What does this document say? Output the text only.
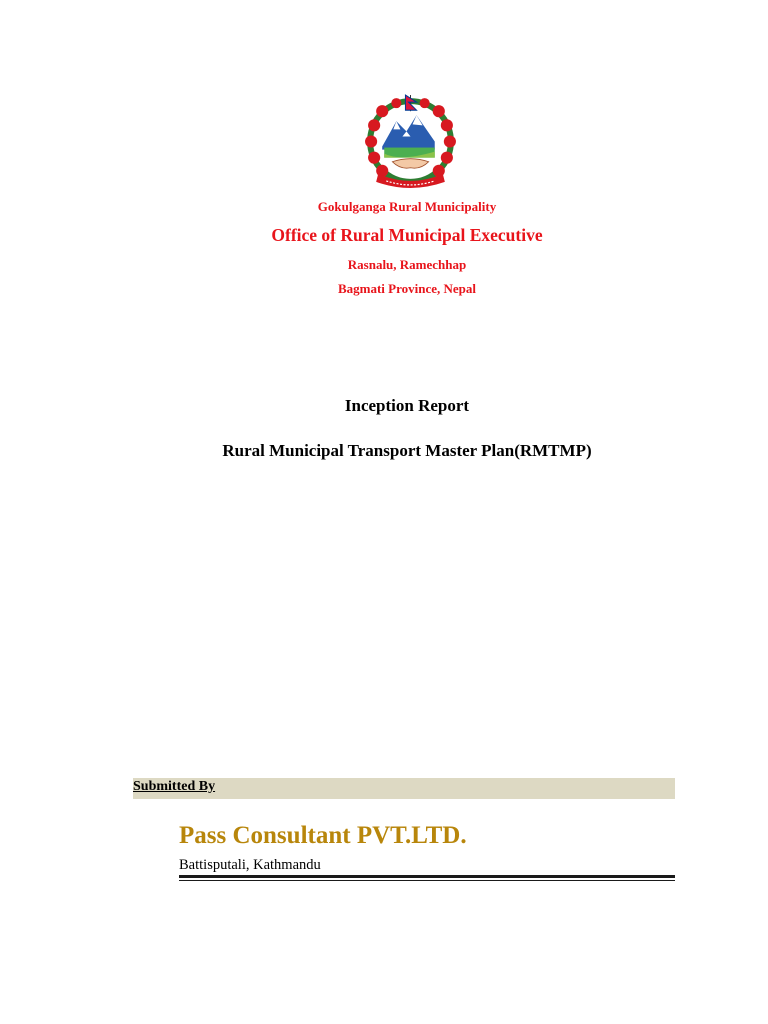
Gokulganga Rural Municipality
Office of Rural Municipal Executive
Rasnalu, Ramechhap
Bagmati Province, Nepal
Inception Report
Rural Municipal Transport Master Plan(RMTMP)
Submitted By
Pass Consultant PVT.LTD.
Battisputali, Kathmandu
